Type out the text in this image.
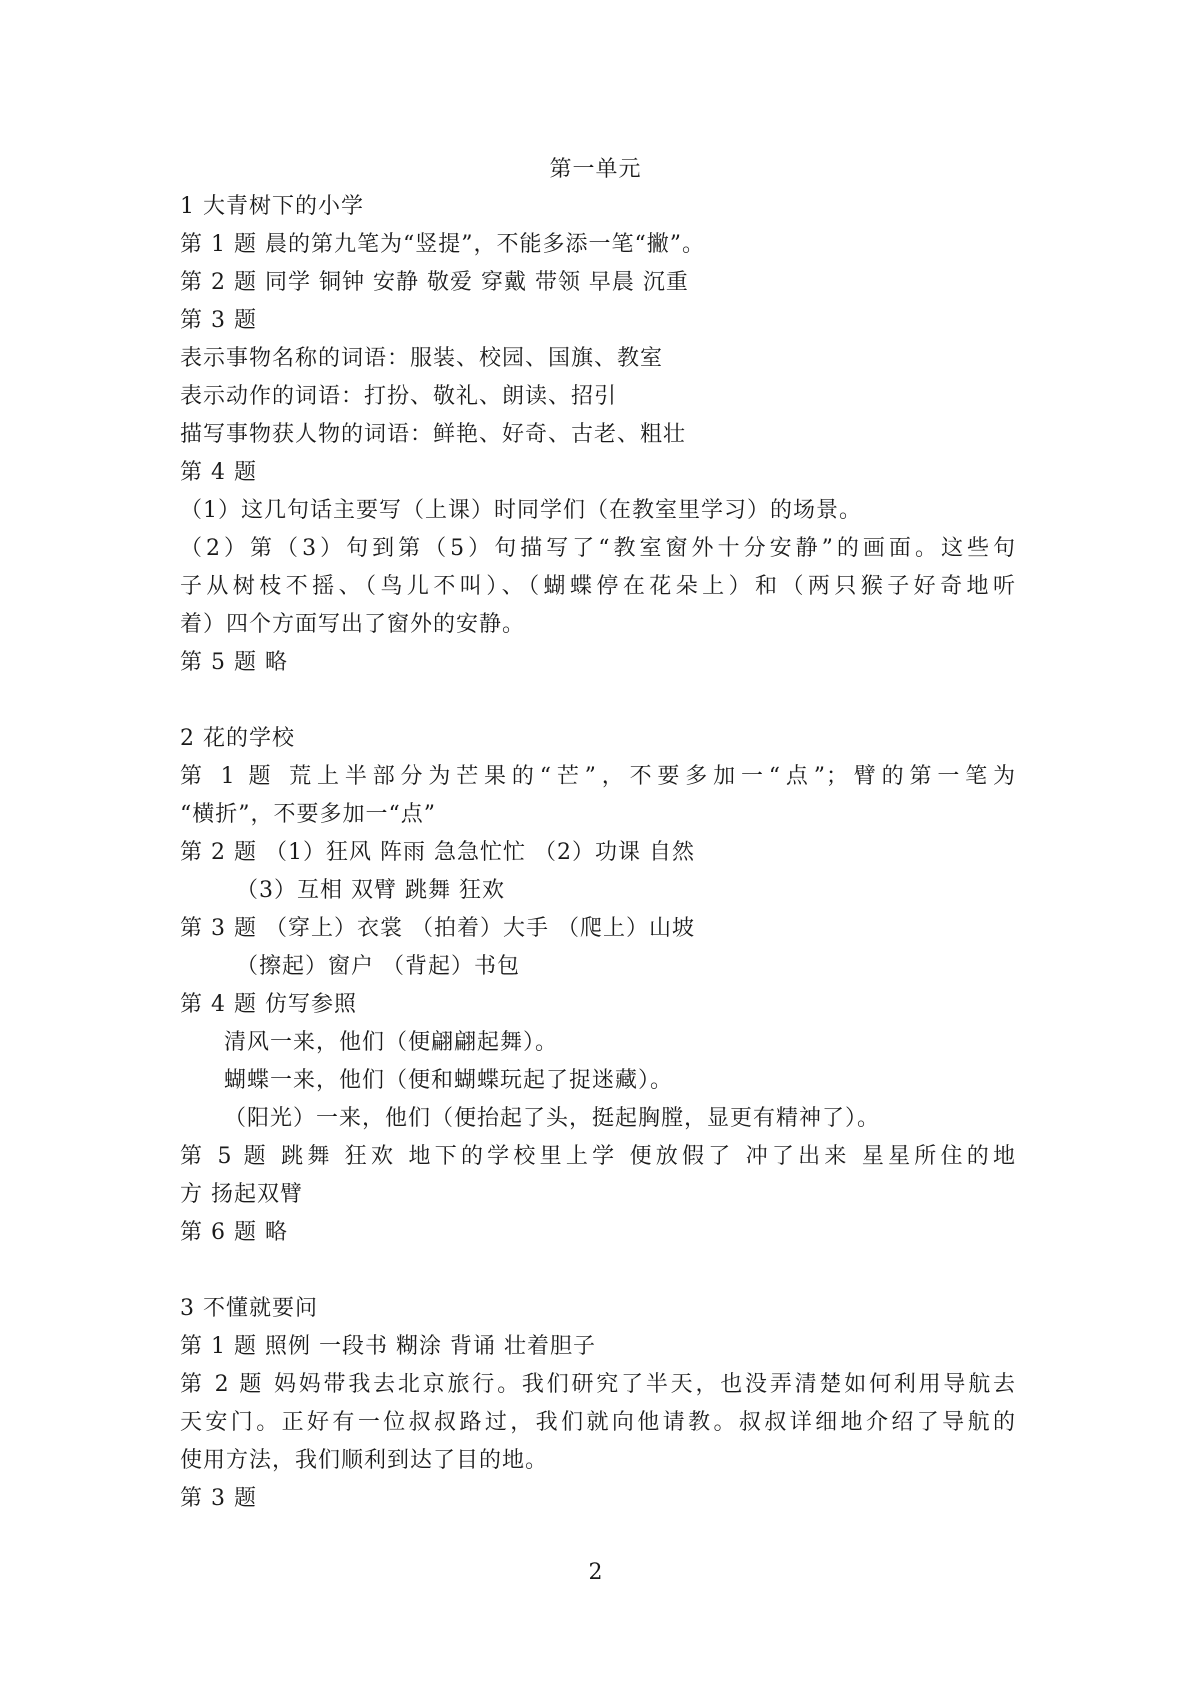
第一单元
1 大青树下的小学
第 1 题 晨的第九笔为“竖提”，不能多添一笔“撇”。
第 2 题 同学 铜钟 安静 敬爱 穿戴 带领 早晨 沉重
第 3 题
表示事物名称的词语：服装、校园、国旗、教室
表示动作的词语：打扮、敬礼、朗读、招引
描写事物获人物的词语：鲜艳、好奇、古老、粗壮
第 4 题
（1）这几句话主要写（上课）时同学们（在教室里学习）的场景。
（2）第（3）句到第（5）句描写了“教室窗外十分安静”的画面。这些句
子从树枝不摇、（鸟儿不叫）、（蝴蝶停在花朵上）和（两只猴子好奇地听
着）四个方面写出了窗外的安静。
第 5 题 略
2 花的学校
第 1 题 荒上半部分为芒果的“芒”，不要多加一“点”；臂的第一笔为
“横折”，不要多加一“点”
第 2 题 （1）狂风 阵雨 急急忙忙 （2）功课 自然
（3）互相 双臂 跳舞 狂欢
第 3 题 （穿上）衣裳 （拍着）大手 （爬上）山坡
（擦起）窗户 （背起）书包
第 4 题 仿写参照
清风一来，他们（便翩翩起舞）。
蝴蝶一来，他们（便和蝴蝶玩起了捉迷藏）。
（阳光）一来，他们（便抬起了头，挺起胸膛，显更有精神了）。
第 5 题 跳舞 狂欢 地下的学校里上学 便放假了 冲了出来 星星所住的地
方 扬起双臂
第 6 题 略
3 不懂就要问
第 1 题 照例 一段书 糊涂 背诵 壮着胆子
第 2 题 妈妈带我去北京旅行。我们研究了半天，也没弄清楚如何利用导航去
天安门。正好有一位叔叔路过，我们就向他请教。叔叔详细地介绍了导航的
使用方法，我们顺利到达了目的地。
第 3 题
2
